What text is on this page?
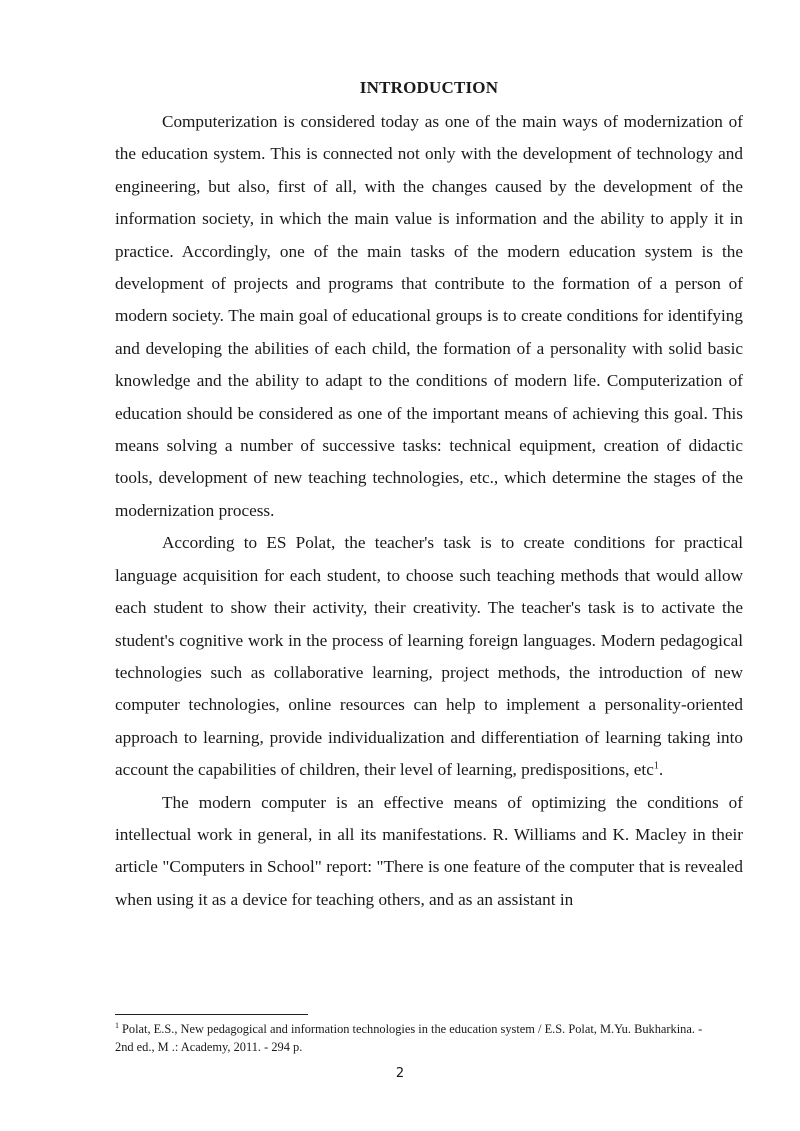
INTRODUCTION

Computerization is considered today as one of the main ways of modernization of the education system. This is connected not only with the development of technology and engineering, but also, first of all, with the changes caused by the development of the information society, in which the main value is information and the ability to apply it in practice. Accordingly, one of the main tasks of the modern education system is the development of projects and programs that contribute to the formation of a person of modern society. The main goal of educational groups is to create conditions for identifying and developing the abilities of each child, the formation of a personality with solid basic knowledge and the ability to adapt to the conditions of modern life. Computerization of education should be considered as one of the important means of achieving this goal. This means solving a number of successive tasks: technical equipment, creation of didactic tools, development of new teaching technologies, etc., which determine the stages of the modernization process.

According to ES Polat, the teacher's task is to create conditions for practical language acquisition for each student, to choose such teaching methods that would allow each student to show their activity, their creativity. The teacher's task is to activate the student's cognitive work in the process of learning foreign languages. Modern pedagogical technologies such as collaborative learning, project methods, the introduction of new computer technologies, online resources can help to implement a personality-oriented approach to learning, provide individualization and differentiation of learning taking into account the capabilities of children, their level of learning, predispositions, etc$^1$.

The modern computer is an effective means of optimizing the conditions of intellectual work in general, in all its manifestations. R. Williams and K. Macley in their article "Computers in School" report: "There is one feature of the computer that is revealed when using it as a device for teaching others, and as an assistant in

$^1$ Polat, E.S., New pedagogical and information technologies in the education system / E.S. Polat, M.Yu. Bukharkina. - 2nd ed., M .: Academy, 2011. - 294 p.

2
